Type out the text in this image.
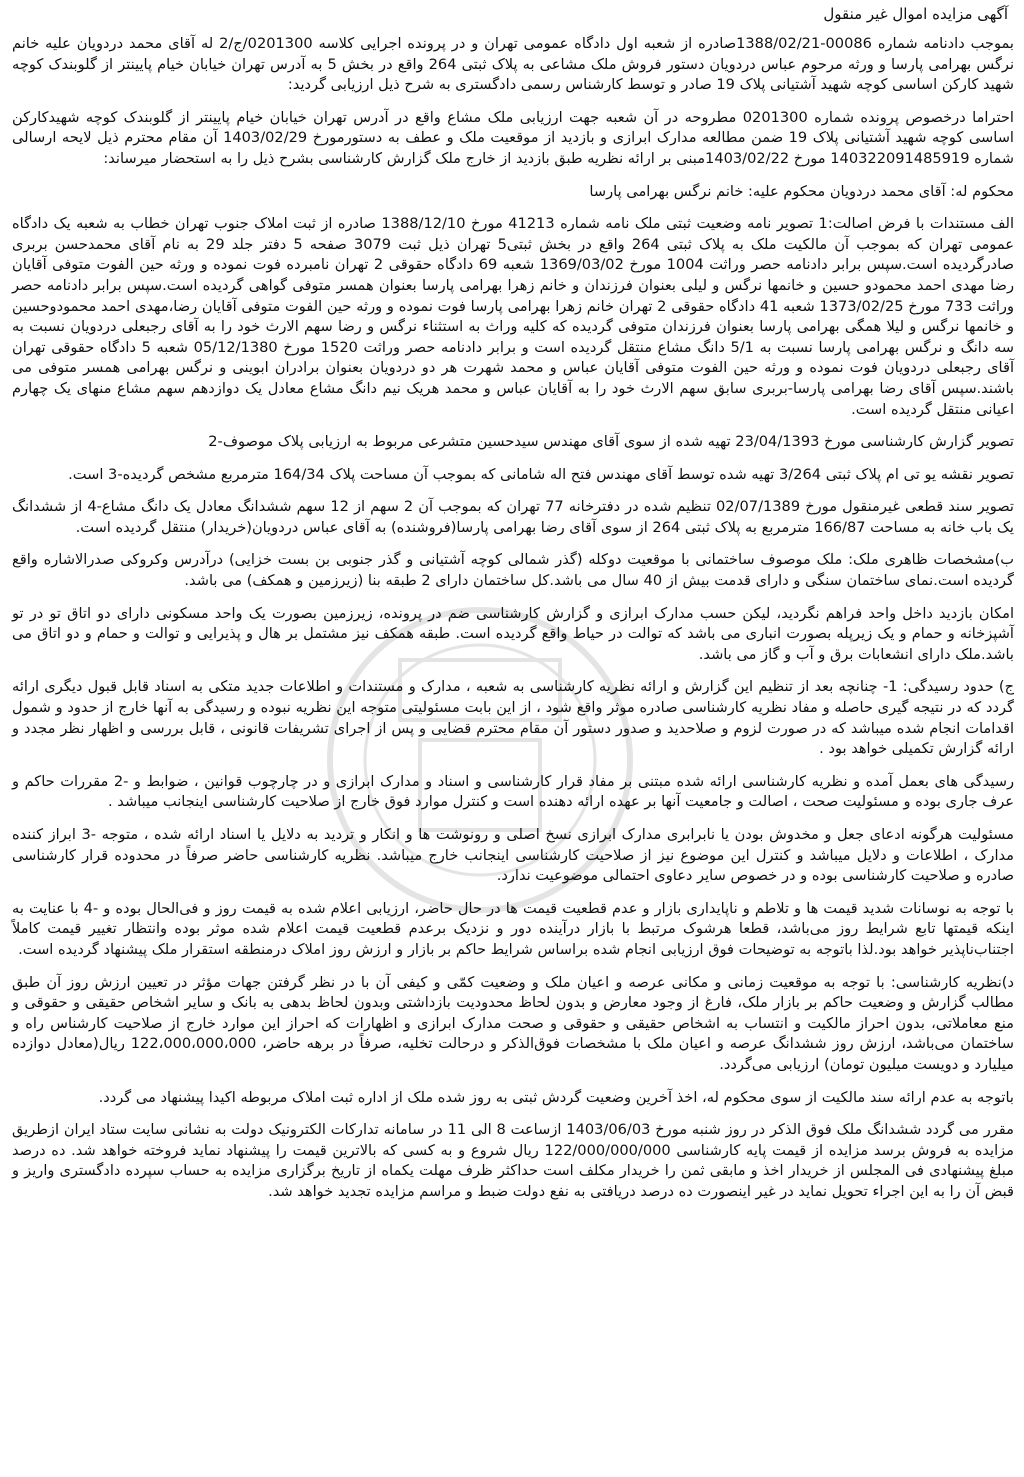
آگهی مزایده اموال غیر منقول

بموجب دادنامه شماره 00086-1388/02/21صادره از شعبه اول دادگاه عمومی تهران و در پرونده اجرایی کلاسه 0201300/ج/2 له آقای محمد دردویان علیه خانم نرگس بهرامی پارسا و ورثه مرحوم عباس دردویان دستور فروش ملک مشاعی به پلاک ثبتی 264 واقع در بخش 5 به آدرس تهران خیابان خیام پایینتر از گلوبندک کوچه شهید کارکن اساسی کوچه شهید آشتیانی پلاک 19 صادر و توسط کارشناس رسمی دادگستری به شرح ذیل ارزیابی گردید:

احتراما درخصوص پرونده شماره 0201300 مطروحه در آن شعبه جهت ارزیابی ملک مشاع واقع در آدرس تهران خیابان خیام پایینتر از گلوبندک کوچه شهیدکارکن اساسی کوچه شهید آشتیانی پلاک 19 ضمن مطالعه مدارک ابرازی و بازدید از موقعیت ملک و عطف به دستورمورخ 1403/02/29 آن مقام محترم ذیل لایحه ارسالی شماره 140322091485919 مورخ 1403/02/22مبنی بر ارائه نظریه طبق بازدید از خارج ملک گزارش کارشناسی بشرح ذیل را به استحضار میرساند:

محکوم له: آقای محمد دردویان محکوم علیه: خانم نرگس بهرامی پارسا

الف مستندات با فرض اصالت:1 تصویر نامه وضعیت ثبتی ملک نامه شماره 41213 مورخ 1388/12/10 صادره از ثبت املاک جنوب تهران خطاب به شعبه یک دادگاه عمومی تهران که بموجب آن مالکیت ملک به پلاک ثبتی 264 واقع در بخش ثبتی5 تهران ذیل ثبت 3079 صفحه 5 دفتر جلد 29 به نام آقای محمدحسن بربری صادرگردیده است.سپس برابر دادنامه حصر وراثت 1004 مورخ 1369/03/02 شعبه 69 دادگاه حقوقی 2 تهران نامبرده فوت نموده و ورثه حین الفوت متوفی آقایان رضا مهدی احمد محمودو حسین و خانمها نرگس و لیلی بعنوان فرزندان و خانم زهرا بهرامی پارسا بعنوان همسر متوفی گواهی گردیده است.سپس برابر دادنامه حصر وراثت 733 مورخ 1373/02/25 شعبه 41 دادگاه حقوقی 2 تهران خانم زهرا بهرامی پارسا فوت نموده و ورثه حین الفوت متوفی آقایان رضا،مهدی احمد محمودوحسین و خانمها نرگس و لیلا همگی بهرامی پارسا بعنوان فرزندان متوفی گردیده که کلیه وراث به استثناء نرگس و رضا سهم الارث خود را به آقای رجبعلی دردویان نسبت به سه دانگ و نرگس بهرامی پارسا نسبت به 5/1 دانگ مشاع منتقل گردیده است و برابر دادنامه حصر وراثت 1520 مورخ 05/12/1380 شعبه 5 دادگاه حقوقی تهران آقای رجبعلی دردویان فوت نموده و ورثه حین الفوت متوفی آقایان عباس و محمد شهرت هر دو دردویان بعنوان برادران ابوینی و نرگس بهرامی همسر متوفی می باشند.سپس آقای رضا بهرامی پارسا-بربری سابق سهم الارث خود را به آقایان عباس و محمد هریک نیم دانگ مشاع معادل یک دوازدهم سهم مشاع منهای یک چهارم اعیانی منتقل گردیده است.

تصویر گزارش کارشناسی مورخ 23/04/1393 تهیه شده از سوی آقای مهندس سیدحسین متشرعی مربوط به ارزیابی پلاک موصوف-2

تصویر نقشه یو تی ام پلاک ثبتی 3/264 تهیه شده توسط آقای مهندس فتح اله شامانی که بموجب آن مساحت پلاک 164/34 مترمربع مشخص گردیده-3 است.

تصویر سند قطعی غیرمنقول مورخ 02/07/1389 تنظیم شده در دفترخانه 77 تهران که بموجب آن 2 سهم از 12 سهم ششدانگ معادل یک دانگ مشاع-4 از ششدانگ یک باب خانه به مساحت 166/87 مترمربع به پلاک ثبتی 264 از سوی آقای رضا بهرامی پارسا(فروشنده) به آقای عباس دردویان(خریدار) منتقل گردیده است.

ب)مشخصات ظاهری ملک: ملک موصوف ساختمانی با موقعیت دوکله (گذر شمالی کوچه آشتیانی و گذر جنوبی بن بست خزایی) درآدرس وکروکی صدرالاشاره واقع گردیده است.نمای ساختمان سنگی و دارای قدمت بیش از 40 سال می باشد.کل ساختمان دارای 2 طبقه بنا (زیرزمین و همکف) می باشد.

امکان بازدید داخل واحد فراهم نگردید، لیکن حسب مدارک ابرازی و گزارش کارشناسی ضم در پرونده، زیرزمین بصورت یک واحد مسکونی دارای دو اتاق تو در تو آشپزخانه و حمام و یک زیرپله بصورت انباری می باشد که توالت در حیاط واقع گردیده است. طبقه همکف نیز مشتمل بر هال و پذیرایی و توالت و حمام و دو اتاق می باشد.ملک دارای انشعابات برق و آب و گاز می باشد.

ج) حدود رسیدگی: 1- چنانچه بعد از تنظیم این گزارش و ارائه نظریه کارشناسی به شعبه ، مدارک و مستندات و اطلاعات جدید متکی به اسناد قابل قبول دیگری ارائه گردد که در نتیجه گیری حاصله و مفاد نظریه کارشناسی صادره موثر واقع شود ، از این بابت مسئولیتی متوجه این نظریه نبوده و رسیدگی به آنها خارج از حدود و شمول اقدامات انجام شده میباشد که در صورت لزوم و صلاحدید و صدور دستور آن مقام محترم قضایی و پس از اجرای تشریفات قانونی ، قابل بررسی و اظهار نظر مجدد و ارائه گزارش تکمیلی خواهد بود .

رسیدگی های بعمل آمده و نظریه کارشناسی ارائه شده مبتنی بر مفاد قرار کارشناسی و اسناد و مدارک ابرازی و در چارچوب قوانین ، ضوابط و -2 مقررات حاکم و عرف جاری بوده و مسئولیت صحت ، اصالت و جامعیت آنها بر عهده ارائه دهنده است و کنترل موارد فوق خارج از صلاحیت کارشناسی اینجانب میباشد .

مسئولیت هرگونه ادعای جعل و مخدوش بودن یا نابرابری مدارک ابرازی نسخ اصلی و رونوشت ها و انکار و تردید به دلایل یا اسناد ارائه شده ، متوجه -3 ابراز کننده مدارک ، اطلاعات و دلایل میباشد و کنترل این موضوع نیز از صلاحیت کارشناسی اینجانب خارج میباشد. نظریه کارشناسی حاضر صرفاً در محدوده قرار کارشناسی صادره و صلاحیت کارشناسی بوده و در خصوص سایر دعاوی احتمالی موضوعیت ندارد.

با توجه به نوسانات شدید قیمت ها و تلاطم و ناپایداری بازار و عدم قطعیت قیمت ها در حال حاضر، ارزیابی اعلام شده به قیمت روز و فی‌الحال بوده و -4 با عنایت به اینکه قیمتها تابع شرایط روز می‌باشد، قطعا هرشوک مرتبط با بازار درآینده دور و نزدیک برعدم قطعیت قیمت اعلام شده موثر بوده وانتظار تغییر قیمت کاملاً اجتناب‌ناپذیر خواهد بود.لذا باتوجه به توضیحات فوق ارزیابی انجام شده براساس شرایط حاکم بر بازار و ارزش روز املاک درمنطقه استقرار ملک پیشنهاد گردیده است.

د)نظریه کارشناسی: با توجه به موقعیت زمانی و مکانی عرصه و اعیان ملک و وضعیت کمّی و کیفی آن با در نظر گرفتن جهات مؤثر در تعیین ارزش روز آن طبق مطالب گزارش و وضعیت حاکم بر بازار ملک، فارغ از وجود معارض و بدون لحاظ محدودیت بازداشتی وبدون لحاظ بدهی به بانک و سایر اشخاص حقیقی و حقوقی و منع معاملاتی، بدون احراز مالکیت و انتساب به اشخاص حقیقی و حقوقی و صحت مدارک ابرازی و اظهارات که احراز این موارد خارج از صلاحیت کارشناس راه و ساختمان می‌باشد، ارزش روز ششدانگ عرصه و اعیان ملک با مشخصات فوق‌الذکر و درحالت تخلیه، صرفاً در برهه حاضر، 122،000،000،000 ریال(معادل دوازده میلیارد و دویست میلیون تومان) ارزیابی می‌گردد.

باتوجه به عدم ارائه سند مالکیت از سوی محکوم له، اخذ آخرین وضعیت گردش ثبتی به روز شده ملک از اداره ثبت املاک مربوطه اکیدا پیشنهاد می گردد.

مقرر می گردد ششدانگ ملک فوق الذکر در روز شنبه مورخ 1403/06/03 ازساعت 8 الی 11 در سامانه تدارکات الکترونیک دولت به نشانی سایت ستاد ایران ازطریق مزایده به فروش برسد مزایده از قیمت پایه کارشناسی 122/000/000/000 ریال شروع و به کسی که بالاترین قیمت را پیشنهاد نماید فروخته خواهد شد. ده درصد مبلغ پیشنهادی فی المجلس از خریدار اخذ و مابقی ثمن را خریدار مکلف است حداکثر ظرف مهلت یکماه از تاریخ برگزاری مزایده به حساب سپرده دادگستری واریز و قبض آن را به این اجراء تحویل نماید در غیر اینصورت ده درصد دریافتی به نفع دولت ضبط و مراسم مزایده تجدید خواهد شد.
